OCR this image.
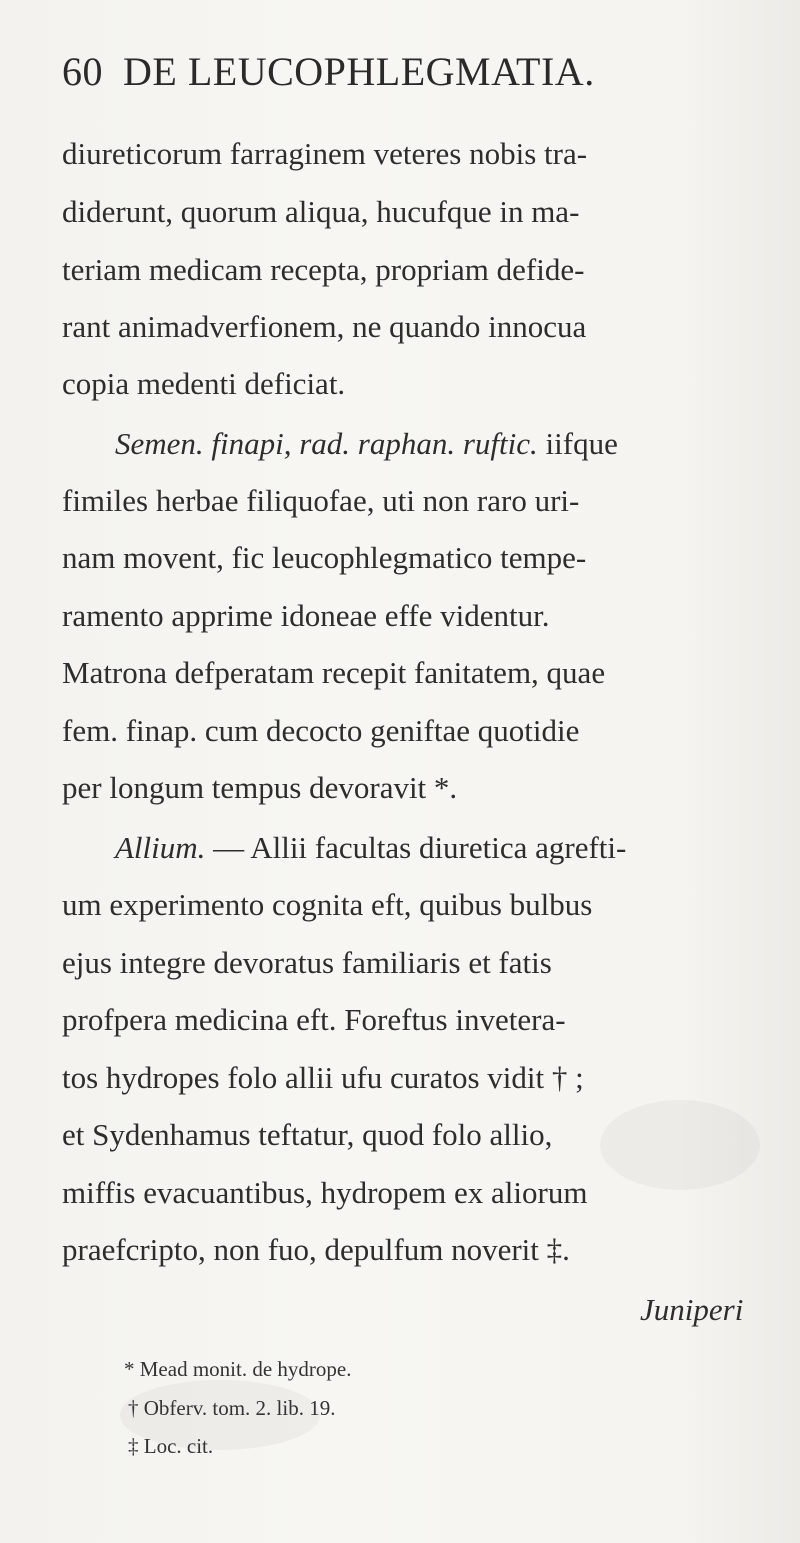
60 DE LEUCOPHLEGMATIA.
diureticorum farraginem veteres nobis tra-
diderunt, quorum aliqua, hucufque in ma-
teriam medicam recepta, propriam defide-
rant animadverfionem, ne quando innocua
copia medenti deficiat.
Semen. finapi, rad. raphan. ruftic. iifque
fimiles herbae filiquofae, uti non raro uri-
nam movent, fic leucophlegmatico tempe-
ramento apprime idoneae effe videntur.
Matrona defperatam recepit fanitatem, quae
fem. finap. cum decocto geniftae quotidie
per longum tempus devoravit *.
Allium. — Allii facultas diuretica agrefti-
um experimento cognita eft, quibus bulbus
ejus integre devoratus familiaris et fatis
profpera medicina eft. Foreftus invetera-
tos hydropes folo allii ufu curatos vidit † ;
et Sydenhamus teftatur, quod folo allio,
miffis evacuantibus, hydropem ex aliorum
praefcripto, non fuo, depulfum noverit ‡.
Juniperi
* Mead monit. de hydrope.
† Obferv. tom. 2. lib. 19.
‡ Loc. cit.
